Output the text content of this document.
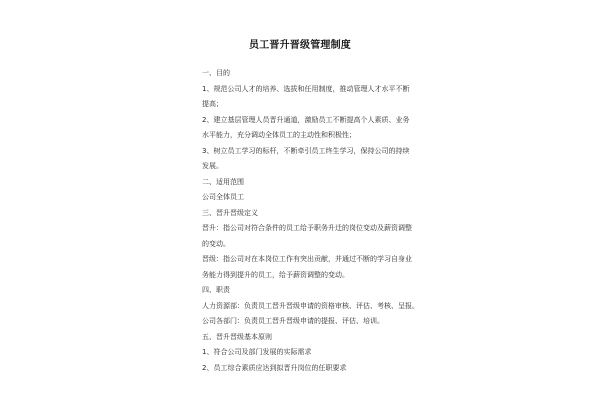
员工晋升晋级管理制度
一、目的
1、规范公司人才的培养、选拔和任用制度，推动管理人才水平不断
提高；
2、建立基层管理人员晋升通道，激励员工不断提高个人素质、业务
水平能力，充分调动全体员工的主动性和积极性；
3、树立员工学习的标杆，不断牵引员工终生学习，保持公司的持续
发展。
二、适用范围
公司全体员工
三、晋升晋级定义
晋升：指公司对符合条件的员工给予职务升迁的岗位变动及薪资调整
的变动。
晋级：指公司对在本岗位工作有突出贡献，并通过不断的学习自身业
务能力得到提升的员工，给予薪资调整的变动。
四、职责
人力资源部：负责员工晋升晋级申请的资格审核、评估、考核、呈报。
公司各部门：负责员工晋升晋级申请的提报、评估、培训。
五、晋升晋级基本原则
1、符合公司及部门发展的实际需求
2、员工综合素质应达到拟晋升岗位的任职要求
